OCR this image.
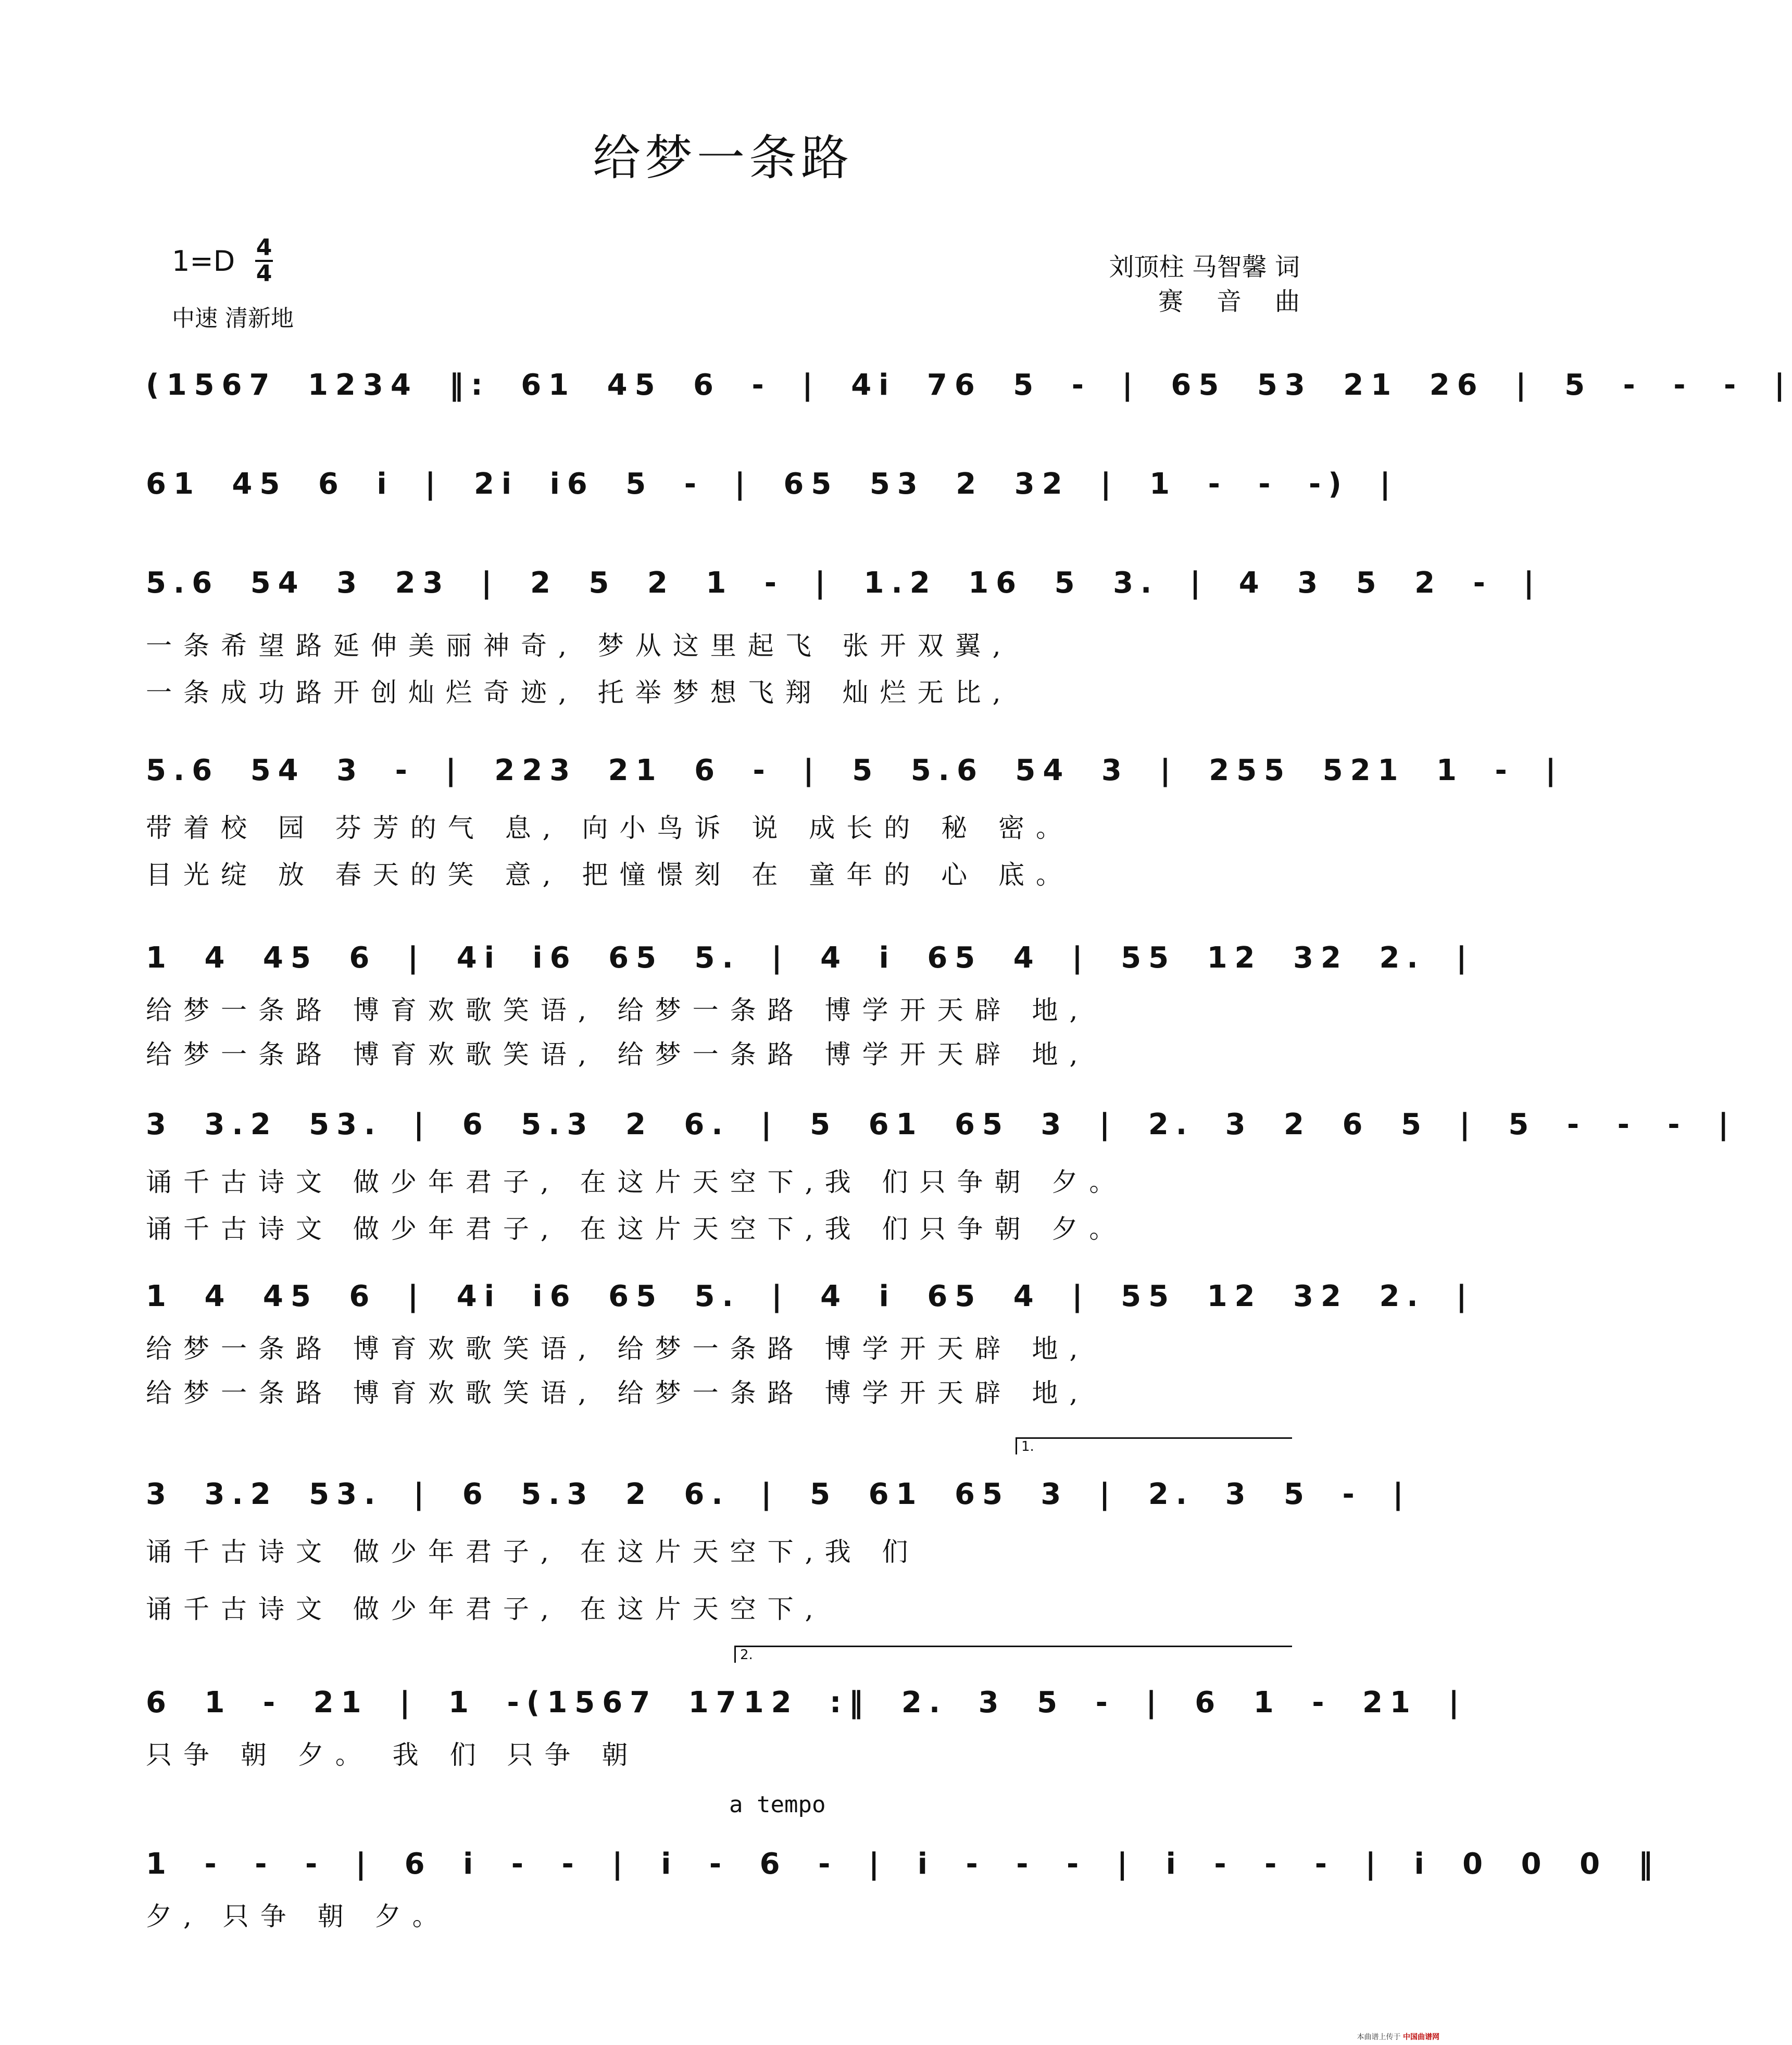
给梦一条路
1=D 4
4
中速 清新地
刘顶柱 马智馨 词
赛音曲
(1567 1234 ‖: 61 45 6 - | 4i 76 5 - | 65 53 21 26 | 5 - - - |
61 45 6 i | 2i i6 5 - | 65 53 2 32 | 1 - - -) |
5.6 54 3 23 | 2 5 2 1 - | 1.2 16 5 3. | 4 3 5 2 - |
一条希望路延伸美丽神奇, 梦从这里起飞 张开双翼,
一条成功路开创灿烂奇迹, 托举梦想飞翔 灿烂无比,
5.6 54 3 - | 223 21 6 - | 5 5.6 54 3 | 255 521 1 - |
带着校 园 芬芳的气 息, 向小鸟诉 说 成长的 秘 密。
目光绽 放 春天的笑 意, 把憧憬刻 在 童年的 心 底。
1 4 45 6 | 4i i6 65 5. | 4 i 65 4 | 55 12 32 2. |
给梦一条路 博育欢歌笑语, 给梦一条路 博学开天辟 地,
给梦一条路 博育欢歌笑语, 给梦一条路 博学开天辟 地,
3 3.2 53. | 6 5.3 2 6. | 5 61 65 3 | 2. 3 2 6 5 | 5 - - - |
诵千古诗文 做少年君子, 在这片天空下,我 们只争朝 夕。
诵千古诗文 做少年君子, 在这片天空下,我 们只争朝 夕。
1 4 45 6 | 4i i6 65 5. | 4 i 65 4 | 55 12 32 2. |
给梦一条路 博育欢歌笑语, 给梦一条路 博学开天辟 地,
给梦一条路 博育欢歌笑语, 给梦一条路 博学开天辟 地,
1.
3 3.2 53. | 6 5.3 2 6. | 5 61 65 3 | 2. 3 5 - |
诵千古诗文 做少年君子, 在这片天空下,我 们
诵千古诗文 做少年君子, 在这片天空下,
2.
6 1 - 21 | 1 -(1567 1712 :‖ 2. 3 5 - | 6 1 - 21 |
只争 朝 夕。 我 们 只争 朝
a tempo
1 - - - | 6 i - - | i - 6 - | i - - - | i - - - | i 0 0 0 ‖
夕, 只争 朝 夕。
本曲谱上传于 中国曲谱网
